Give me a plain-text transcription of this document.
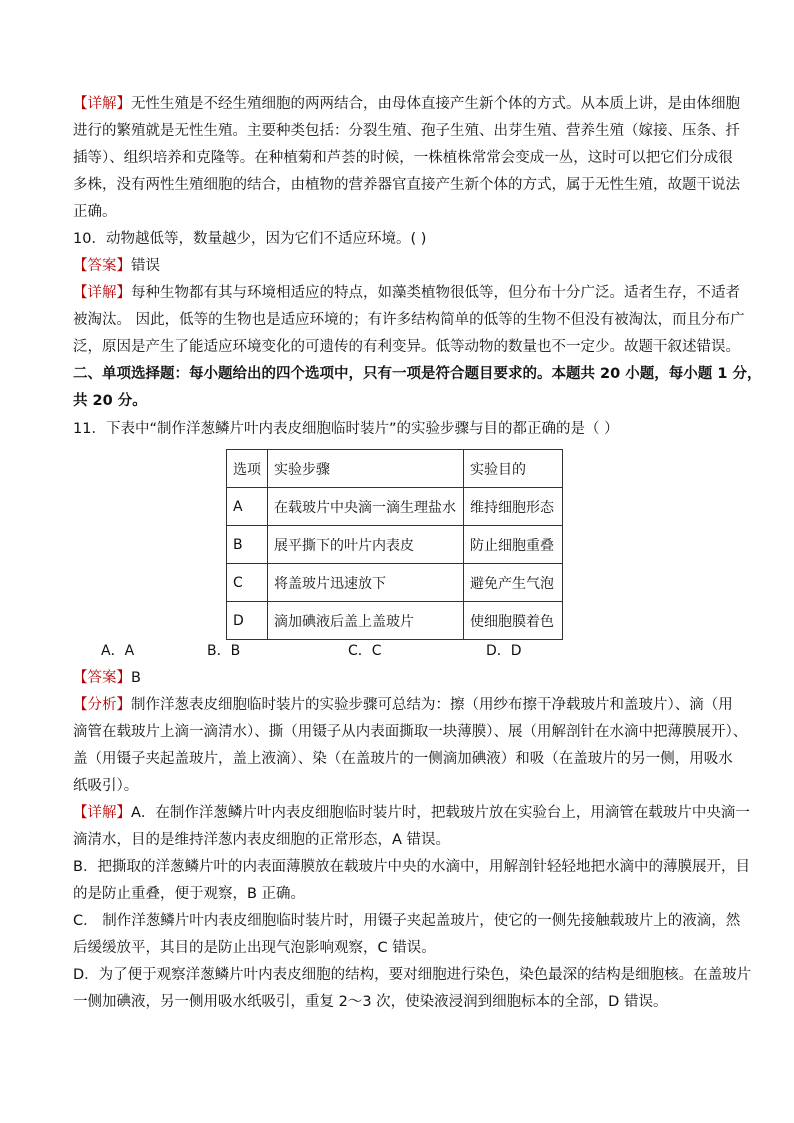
【详解】无性生殖是不经生殖细胞的两两结合，由母体直接产生新个体的方式。从本质上讲，是由体细胞
进行的繁殖就是无性生殖。主要种类包括：分裂生殖、孢子生殖、出芽生殖、营养生殖（嫁接、压条、扦
插等）、组织培养和克隆等。在种植菊和芦荟的时候，一株植株常常会变成一丛，这时可以把它们分成很
多株，没有两性生殖细胞的结合，由植物的营养器官直接产生新个体的方式，属于无性生殖，故题干说法
正确。
10．动物越低等，数量越少，因为它们不适应环境。( )
【答案】错误
【详解】每种生物都有其与环境相适应的特点，如藻类植物很低等，但分布十分广泛。适者生存，不适者
被淘汰。 因此，低等的生物也是适应环境的；有许多结构简单的低等的生物不但没有被淘汰，而且分布广
泛，原因是产生了能适应环境变化的可遗传的有利变异。低等动物的数量也不一定少。故题干叙述错误。
二、单项选择题：每小题给出的四个选项中，只有一项是符合题目要求的。本题共 20 小题，每小题 1 分，
共 20 分。
11．下表中“制作洋葱鳞片叶内表皮细胞临时装片”的实验步骤与目的都正确的是（ ）
选项	实验步骤	实验目的
A	在载玻片中央滴一滴生理盐水	维持细胞形态
B	展平撕下的叶片内表皮	防止细胞重叠
C	将盖玻片迅速放下	避免产生气泡
D	滴加碘液后盖上盖玻片	使细胞膜着色
A．A	B．B	C．C	D．D
【答案】B
【分析】制作洋葱表皮细胞临时装片的实验步骤可总结为：擦（用纱布擦干净载玻片和盖玻片）、滴（用
滴管在载玻片上滴一滴清水）、撕（用镊子从内表面撕取一块薄膜）、展（用解剖针在水滴中把薄膜展开）、
盖（用镊子夹起盖玻片，盖上液滴）、染（在盖玻片的一侧滴加碘液）和吸（在盖玻片的另一侧，用吸水
纸吸引）。
【详解】A．在制作洋葱鳞片叶内表皮细胞临时装片时，把载玻片放在实验台上，用滴管在载玻片中央滴一
滴清水，目的是维持洋葱内表皮细胞的正常形态，A 错误。
B．把撕取的洋葱鳞片叶的内表面薄膜放在载玻片中央的水滴中，用解剖针轻轻地把水滴中的薄膜展开，目
的是防止重叠，便于观察，B 正确。
C． 制作洋葱鳞片叶内表皮细胞临时装片时，用镊子夹起盖玻片，使它的一侧先接触载玻片上的液滴，然
后缓缓放平，其目的是防止出现气泡影响观察，C 错误。
D．为了便于观察洋葱鳞片叶内表皮细胞的结构，要对细胞进行染色，染色最深的结构是细胞核。在盖玻片
一侧加碘液，另一侧用吸水纸吸引，重复 2～3 次，使染液浸润到细胞标本的全部，D 错误。
